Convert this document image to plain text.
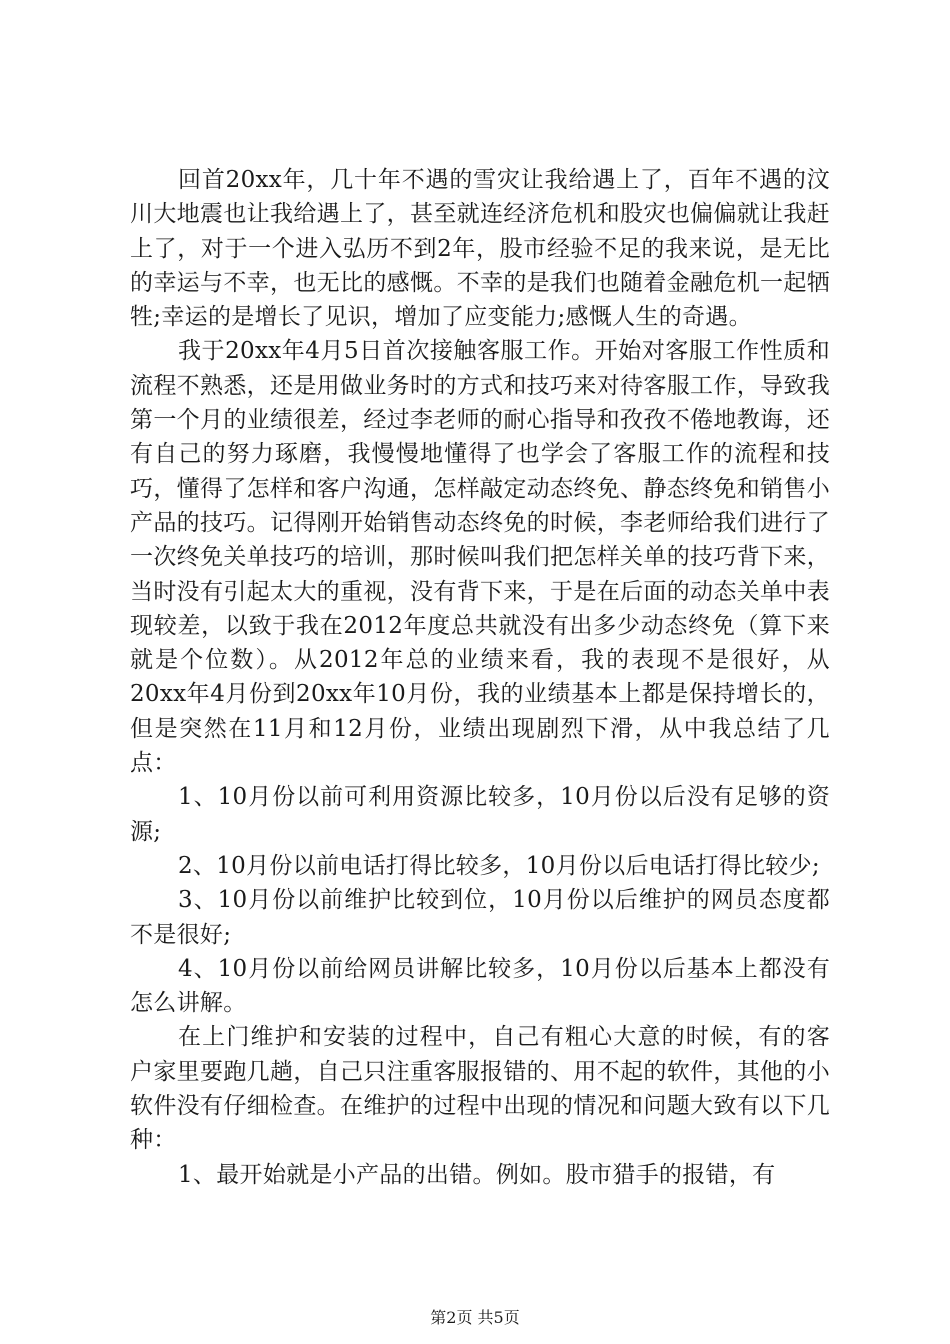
回首20xx年，几十年不遇的雪灾让我给遇上了，百年不遇的汶川大地震也让我给遇上了，甚至就连经济危机和股灾也偏偏就让我赶上了，对于一个进入弘历不到2年，股市经验不足的我来说，是无比的幸运与不幸，也无比的感慨。不幸的是我们也随着金融危机一起牺牲;幸运的是增长了见识，增加了应变能力;感慨人生的奇遇。

我于20xx年4月5日首次接触客服工作。开始对客服工作性质和流程不熟悉，还是用做业务时的方式和技巧来对待客服工作，导致我第一个月的业绩很差，经过李老师的耐心指导和孜孜不倦地教诲，还有自己的努力琢磨，我慢慢地懂得了也学会了客服工作的流程和技巧，懂得了怎样和客户沟通，怎样敲定动态终免、静态终免和销售小产品的技巧。记得刚开始销售动态终免的时候，李老师给我们进行了一次终免关单技巧的培训，那时候叫我们把怎样关单的技巧背下来，当时没有引起太大的重视，没有背下来，于是在后面的动态关单中表现较差，以致于我在2012年度总共就没有出多少动态终免（算下来就是个位数）。从2012年总的业绩来看，我的表现不是很好，从20xx年4月份到20xx年10月份，我的业绩基本上都是保持增长的，但是突然在11月和12月份，业绩出现剧烈下滑，从中我总结了几点：

1、10月份以前可利用资源比较多，10月份以后没有足够的资源;

2、10月份以前电话打得比较多，10月份以后电话打得比较少;

3、10月份以前维护比较到位，10月份以后维护的网员态度都不是很好;

4、10月份以前给网员讲解比较多，10月份以后基本上都没有怎么讲解。

在上门维护和安装的过程中，自己有粗心大意的时候，有的客户家里要跑几趟，自己只注重客服报错的、用不起的软件，其他的小软件没有仔细检查。在维护的过程中出现的情况和问题大致有以下几种：

1、最开始就是小产品的出错。例如。股市猎手的报错，有

第2页 共5页
